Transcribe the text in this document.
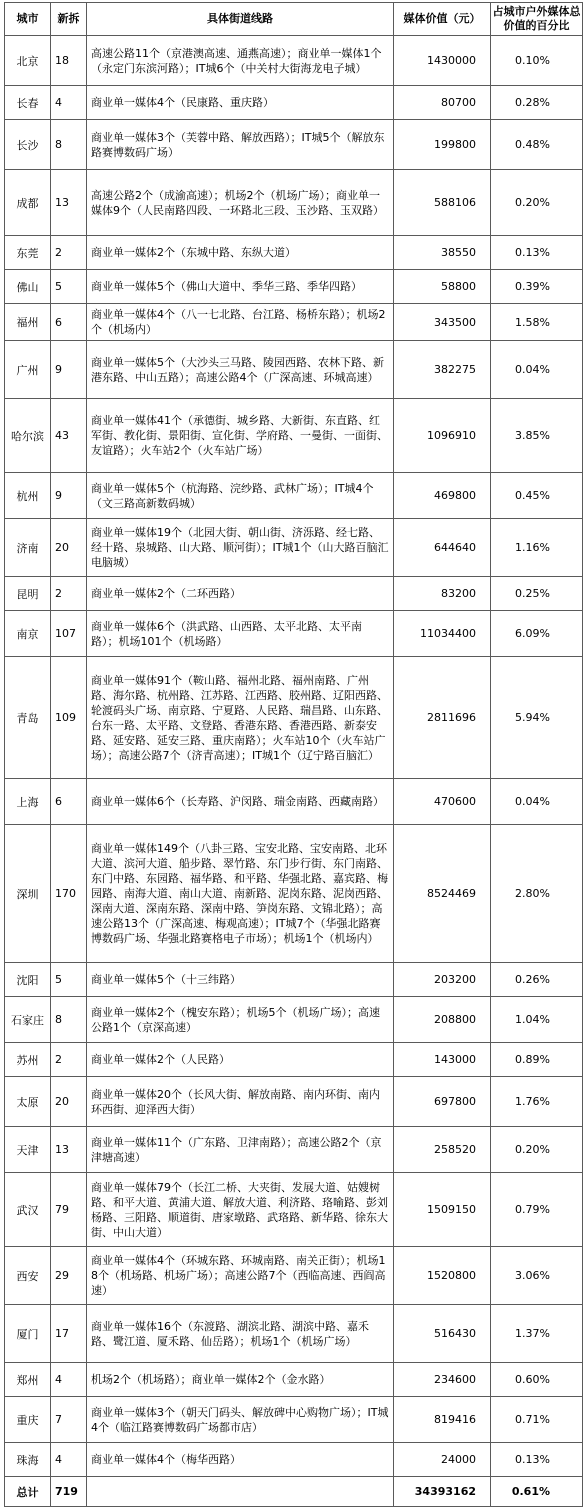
城市	新拆	具体街道线路	媒体价值（元）	占城市户外媒体总价值的百分比
北京	18	高速公路11个（京港澳高速、通燕高速）；商业单一媒体1个（永定门东滨河路）；IT城6个（中关村大街海龙电子城）	1430000	0.10%
长春	4	商业单一媒体4个（民康路、重庆路）	80700	0.28%
长沙	8	商业单一媒体3个（芙蓉中路、解放西路）；IT城5个（解放东路赛博数码广场）	199800	0.48%
成都	13	高速公路2个（成渝高速）；机场2个（机场广场）；商业单一媒体9个（人民南路四段、一环路北三段、玉沙路、玉双路）	588106	0.20%
东莞	2	商业单一媒体2个（东城中路、东纵大道）	38550	0.13%
佛山	5	商业单一媒体5个（佛山大道中、季华三路、季华四路）	58800	0.39%
福州	6	商业单一媒体4个（八一七北路、台江路、杨桥东路）；机场2个（机场内）	343500	1.58%
广州	9	商业单一媒体5个（大沙头三马路、陵园西路、农林下路、新港东路、中山五路）；高速公路4个（广深高速、环城高速）	382275	0.04%
哈尔滨	43	商业单一媒体41个（承德街、城乡路、大新街、东直路、红军街、教化街、景阳街、宣化街、学府路、一曼街、一面街、友谊路）；火车站2个（火车站广场）	1096910	3.85%
杭州	9	商业单一媒体5个（杭海路、浣纱路、武林广场）；IT城4个（文三路高新数码城）	469800	0.45%
济南	20	商业单一媒体19个（北园大街、朝山街、济泺路、经七路、经十路、泉城路、山大路、顺河街）；IT城1个（山大路百脑汇电脑城）	644640	1.16%
昆明	2	商业单一媒体2个（二环西路）	83200	0.25%
南京	107	商业单一媒体6个（洪武路、山西路、太平北路、太平南路）；机场101个（机场路）	11034400	6.09%
青岛	109	商业单一媒体91个（鞍山路、福州北路、福州南路、广州路、海尔路、杭州路、江苏路、江西路、胶州路、辽阳西路、轮渡码头广场、南京路、宁夏路、人民路、瑞昌路、山东路、台东一路、太平路、文登路、香港东路、香港西路、新泰安路、延安路、延安三路、重庆南路）；火车站10个（火车站广场）；高速公路7个（济青高速）；IT城1个（辽宁路百脑汇）	2811696	5.94%
上海	6	商业单一媒体6个（长寿路、沪闵路、瑞金南路、西藏南路）	470600	0.04%
深圳	170	商业单一媒体149个（八卦三路、宝安北路、宝安南路、北环大道、滨河大道、船步路、翠竹路、东门步行街、东门南路、东门中路、东园路、福华路、和平路、华强北路、嘉宾路、梅园路、南海大道、南山大道、南新路、泥岗东路、泥岗西路、深南大道、深南东路、深南中路、笋岗东路、文锦北路）；高速公路13个（广深高速、梅观高速）；IT城7个（华强北路赛博数码广场、华强北路赛格电子市场）；机场1个（机场内）	8524469	2.80%
沈阳	5	商业单一媒体5个（十三纬路）	203200	0.26%
石家庄	8	商业单一媒体2个（槐安东路）；机场5个（机场广场）；高速公路1个（京深高速）	208800	1.04%
苏州	2	商业单一媒体2个（人民路）	143000	0.89%
太原	20	商业单一媒体20个（长风大街、解放南路、南内环街、南内环西街、迎泽西大街）	697800	1.76%
天津	13	商业单一媒体11个（广东路、卫津南路）；高速公路2个（京津塘高速）	258520	0.20%
武汉	79	商业单一媒体79个（长江二桥、大夹街、发展大道、姑嫂树路、和平大道、黄浦大道、解放大道、利济路、珞喻路、彭刘杨路、三阳路、顺道街、唐家墩路、武珞路、新华路、徐东大街、中山大道）	1509150	0.79%
西安	29	商业单一媒体4个（环城东路、环城南路、南关正街）；机场18个（机场路、机场广场）；高速公路7个（西临高速、西阎高速）	1520800	3.06%
厦门	17	商业单一媒体16个（东渡路、湖滨北路、湖滨中路、嘉禾路、鹭江道、厦禾路、仙岳路）；机场1个（机场广场）	516430	1.37%
郑州	4	机场2个（机场路）；商业单一媒体2个（金水路）	234600	0.60%
重庆	7	商业单一媒体3个（朝天门码头、解放碑中心购物广场）；IT城4个（临江路赛博数码广场都市店）	819416	0.71%
珠海	4	商业单一媒体4个（梅华西路）	24000	0.13%
总计	719		34393162	0.61%
